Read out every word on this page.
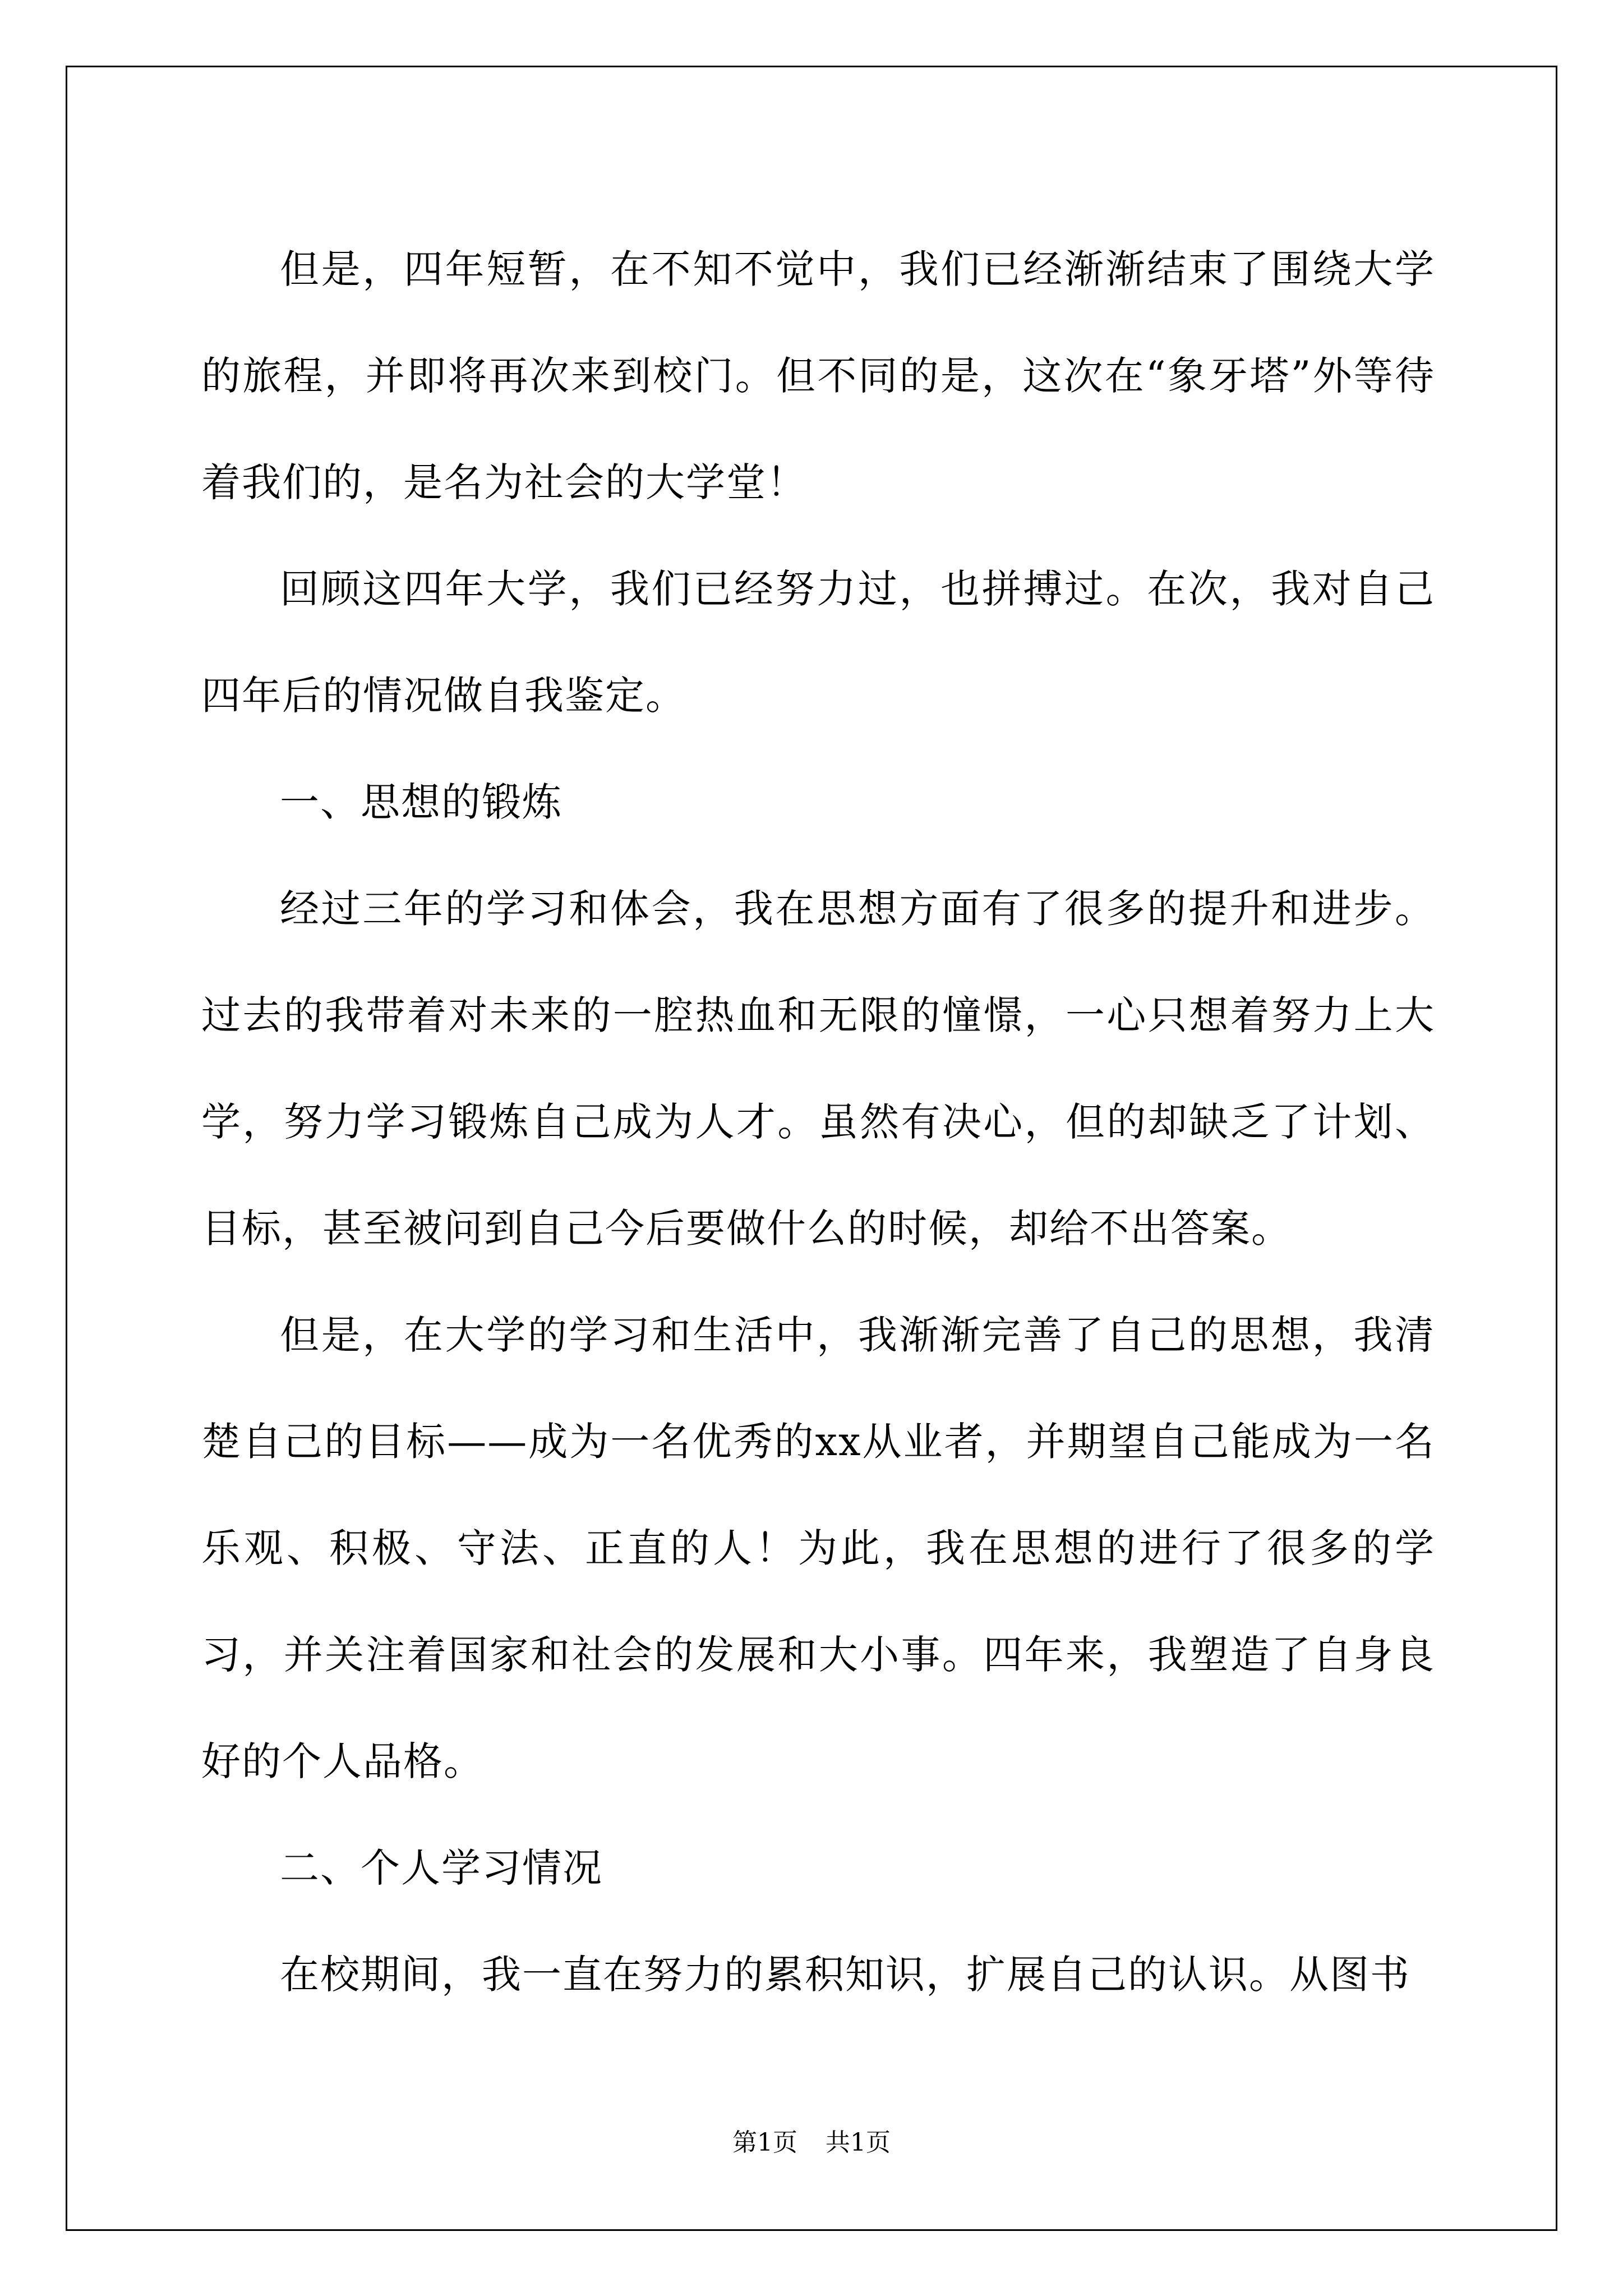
但是，四年短暂，在不知不觉中，我们已经渐渐结束了围绕大学的旅程，并即将再次来到校门。但不同的是，这次在“象牙塔”外等待着我们的，是名为社会的大学堂！

回顾这四年大学，我们已经努力过，也拼搏过。在次，我对自己四年后的情况做自我鉴定。

一、思想的锻炼

经过三年的学习和体会，我在思想方面有了很多的提升和进步。过去的我带着对未来的一腔热血和无限的憧憬，一心只想着努力上大学，努力学习锻炼自己成为人才。虽然有决心，但的却缺乏了计划、目标，甚至被问到自己今后要做什么的时候，却给不出答案。

但是，在大学的学习和生活中，我渐渐完善了自己的思想，我清楚自己的目标——成为一名优秀的xx从业者，并期望自己能成为一名乐观、积极、守法、正直的人！为此，我在思想的进行了很多的学习，并关注着国家和社会的发展和大小事。四年来，我塑造了自身良好的个人品格。

二、个人学习情况

在校期间，我一直在努力的累积知识，扩展自己的认识。从图书

第1页 共1页
